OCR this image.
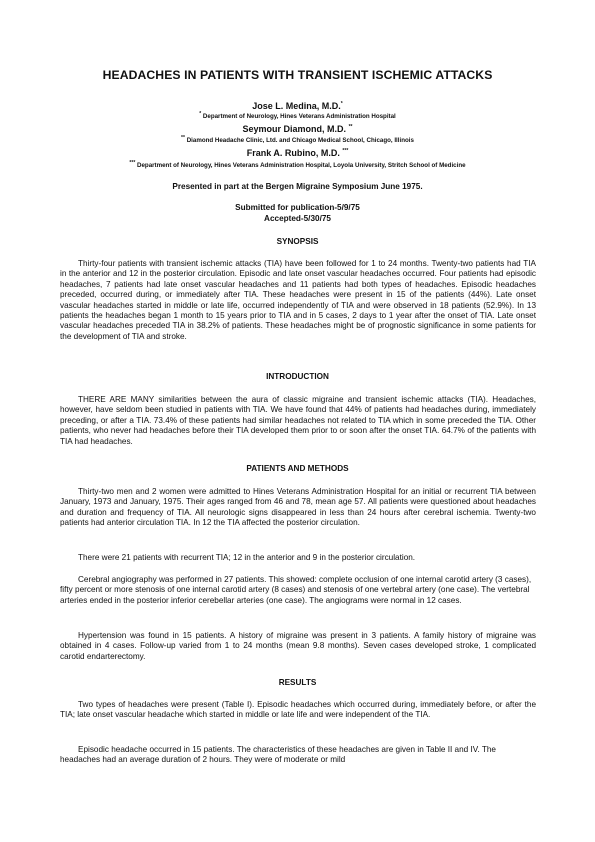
HEADACHES IN PATIENTS WITH TRANSIENT ISCHEMIC ATTACKS
Jose L. Medina, M.D.*
* Department of Neurology, Hines Veterans Administration Hospital
Seymour Diamond, M.D. **
** Diamond Headache Clinic, Ltd. and Chicago Medical School, Chicago, Illinois
Frank A. Rubino, M.D. ***
*** Department of Neurology, Hines Veterans Administration Hospital, Loyola University, Stritch School of Medicine
Presented in part at the Bergen Migraine Symposium June 1975.
Submitted for publication-5/9/75
Accepted-5/30/75
SYNOPSIS

Thirty-four patients with transient ischemic attacks (TIA) have been followed for 1 to 24 months. Twenty-two patients had TIA in the anterior and 12 in the posterior circulation. Episodic and late onset vascular headaches occurred. Four patients had episodic headaches, 7 patients had late onset vascular headaches and 11 patients had both types of headaches. Episodic headaches preceded, occurred during, or immediately after TIA. These headaches were present in 15 of the patients (44%). Late onset vascular headaches started in middle or late life, occurred independently of TIA and were observed in 18 patients (52.9%). In 13 patients the headaches began 1 month to 15 years prior to TIA and in 5 cases, 2 days to 1 year after the onset of TIA. Late onset vascular headaches preceded TIA in 38.2% of patients. These headaches might be of prognostic significance in some patients for the development of TIA and stroke.

INTRODUCTION

THERE ARE MANY similarities between the aura of classic migraine and transient ischemic attacks (TIA). Headaches, however, have seldom been studied in patients with TIA. We have found that 44% of patients had headaches during, immediately preceding, or after a TIA. 73.4% of these patients had similar headaches not related to TIA which in some preceded the TIA. Other patients, who never had headaches before their TIA developed them prior to or soon after the onset TIA. 64.7% of the patients with TIA had headaches.

PATIENTS AND METHODS

Thirty-two men and 2 women were admitted to Hines Veterans Administration Hospital for an initial or recurrent TIA between January, 1973 and January, 1975. Their ages ranged from 46 and 78, mean age 57. All patients were questioned about headaches and duration and frequency of TIA. All neurologic signs disappeared in less than 24 hours after cerebral ischemia. Twenty-two patients had anterior circulation TIA. In 12 the TIA affected the posterior circulation.

There were 21 patients with recurrent TIA; 12 in the anterior and 9 in the posterior circulation.

Cerebral angiography was performed in 27 patients. This showed: complete occlusion of one internal carotid artery (3 cases), fifty percent or more stenosis of one internal carotid artery (8 cases) and stenosis of one vertebral artery (one case). The vertebral arteries ended in the posterior inferior cerebellar arteries (one case). The angiograms were normal in 12 cases.

Hypertension was found in 15 patients. A history of migraine was present in 3 patients. A family history of migraine was obtained in 4 cases. Follow-up varied from 1 to 24 months (mean 9.8 months). Seven cases developed stroke, 1 complicated carotid endarterectomy.

RESULTS

Two types of headaches were present (Table I). Episodic headaches which occurred during, immediately before, or after the TIA; late onset vascular headache which started in middle or late life and were independent of the TIA.

Episodic headache occurred in 15 patients. The characteristics of these headaches are given in Table II and IV. The headaches had an average duration of 2 hours. They were of moderate or mild
